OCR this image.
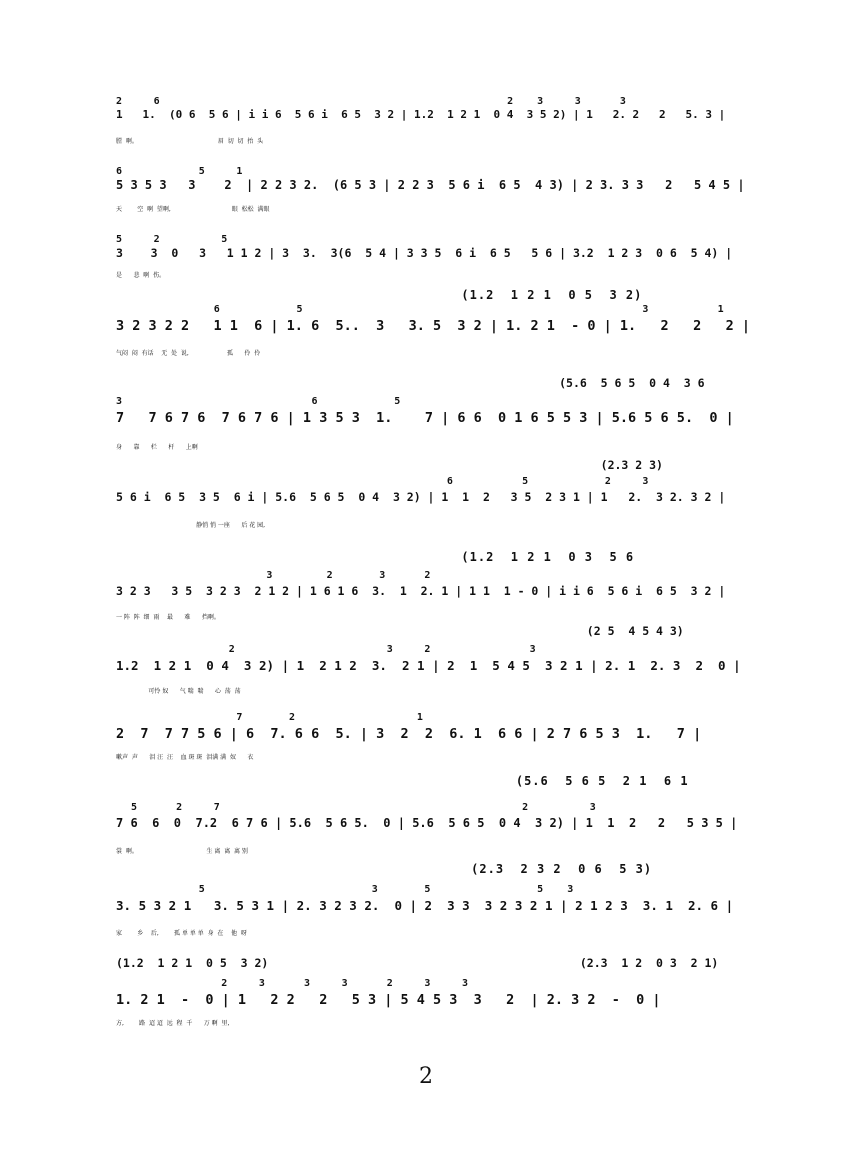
2    6                                              2   3    3     3
1   1.  (0 6  5 6 | i i 6  5 6 i  6 5  3 2 | 1.2  1 2 1  0 4  3 5 2) | 1   2. 2   2   5. 3 |
膛  啊。                                          眉  切  切  抬  头
6          5    1
5 3 5 3   3    2  | 2 2 3 2.  (6 5 3 | 2 2 3  5 6 i  6 5  4 3) | 2 3. 3 3   2   5 4 5 |
天        空  啊  望啊,                                眼  松松  满眼
5    2        5
3    3  0   3   1 1 2 | 3  3.  3(6  5 4 | 3 3 5  6 i  6 5   5 6 | 3.2  1 2 3  0 6  5 4) |
是      悲  啊  伤。
(1.2  1 2 1  0 5  3 2)
6          5                                             3         1
3 2 3 2 2   1 1  6 | 1. 6  5..  3   3. 5  3 2 | 1. 2 1  - 0 | 1.   2   2   2 |
气闷  闷  有话    无  处  说,                    孤      伶  伶
(5.6  5 6 5  0 4  3 6
3                         6          5
7   7 6 7 6  7 6 7 6 | 1 3 5 3  1.    7 | 6 6  0 1 6 5 5 3 | 5.6 5 6 5.  0 |
身      靠      栏      杆      上啊
(2.3 2 3)
6         5          2    3
5 6 i  6 5  3 5  6 i | 5.6  5 6 5  0 4  3 2) | 1  1  2   3 5  2 3 1 | 1   2.  3 2. 3 2 |
静悄 悄 一座      后 花 园,
(1.2  1 2 1  0 3  5 6
3       2      3     2
3 2 3   3 5  3 2 3  2 1 2 | 1 6 1 6  3.  1  2. 1 | 1 1  1 - 0 | i i 6  5 6 i  6 5  3 2 |
一 阵  阵  细  雨    最      难      挡啊。
(2 5  4 5 4 3)
2                    3    2             3
1.2  1 2 1  0 4  3 2) | 1  2 1 2  3.  2 1 | 2  1  5 4 5  3 2 1 | 2. 1  2. 3  2  0 |
可怜 奴      气 喘  喘      心  荡  荡
7      2                1
2  7  7 7 5 6 | 6  7. 6 6  5. | 3  2  2  6. 1  6 6 | 2 7 6 5 3  1.   7 |
嗽声  声      泪 汪  汪    血 斑 斑  泪满 满  奴      衣
(5.6  5 6 5  2 1  6 1
5     2    7                                        2        3
7 6  6  0  7.2  6 7 6 | 5.6  5 6 5.  0 | 5.6  5 6 5  0 4  3 2) | 1  1  2   2   5 3 5 |
裳  啊。                                    生 离  离  离 别
(2.3  2 3 2  0 6  5 3)
5                      3      5              5   3
3. 5 3 2 1   3. 5 3 1 | 2. 3 2 3 2.  0 | 2  3 3  3 2 3 2 1 | 2 1 2 3  3. 1  2. 6 |
家        乡    后,        孤 单 单 单  身  在    他  呀
(1.2  1 2 1  0 5  3 2)                                             (2.3  1 2  0 3  2 1)
2    3     3    3     2    3    3
1. 2 1  -  0 | 1   2 2   2   5 3 | 5 4 5 3  3   2  | 2. 3 2  -  0 |
方,        路  迢 迢  远  程  千      万 啊  里,
2
